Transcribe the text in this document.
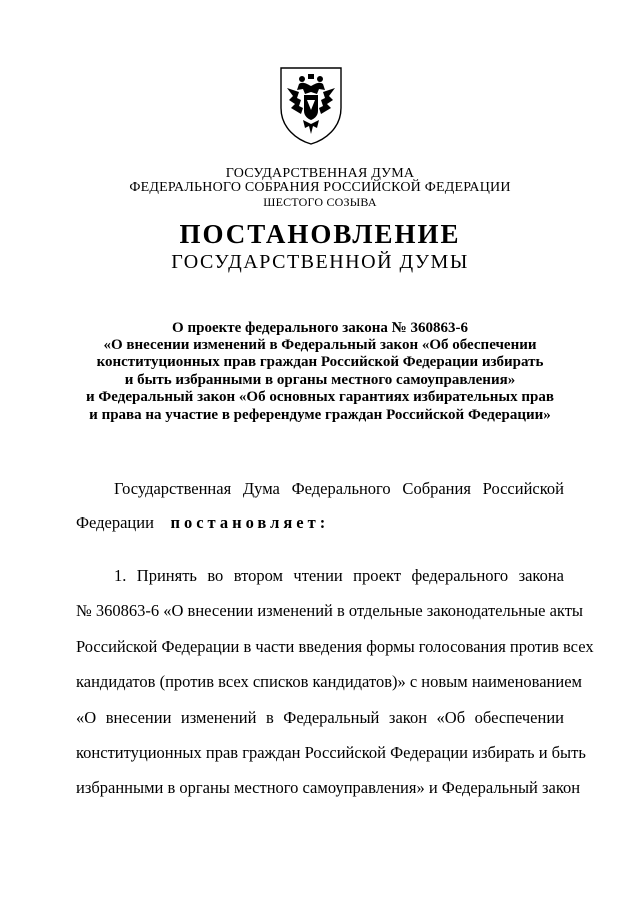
ГОСУДАРСТВЕННАЯ ДУМА
ФЕДЕРАЛЬНОГО СОБРАНИЯ РОССИЙСКОЙ ФЕДЕРАЦИИ
ШЕСТОГО СОЗЫВА
ПОСТАНОВЛЕНИЕ
ГОСУДАРСТВЕННОЙ ДУМЫ
О проекте федерального закона № 360863-6
«О внесении изменений в Федеральный закон «Об обеспечении
конституционных прав граждан Российской Федерации избирать
и быть избранными в органы местного самоуправления»
и Федеральный закон «Об основных гарантиях избирательных прав
и права на участие в референдуме граждан Российской Федерации»
Государственная Дума Федерального Собрания Российской
Федерации постановляет:
1. Принять во втором чтении проект федерального закона
№ 360863-6 «О внесении изменений в отдельные законодательные акты
Российской Федерации в части введения формы голосования против всех
кандидатов (против всех списков кандидатов)» с новым наименованием
«О внесении изменений в Федеральный закон «Об обеспечении
конституционных прав граждан Российской Федерации избирать и быть
избранными в органы местного самоуправления» и Федеральный закон
